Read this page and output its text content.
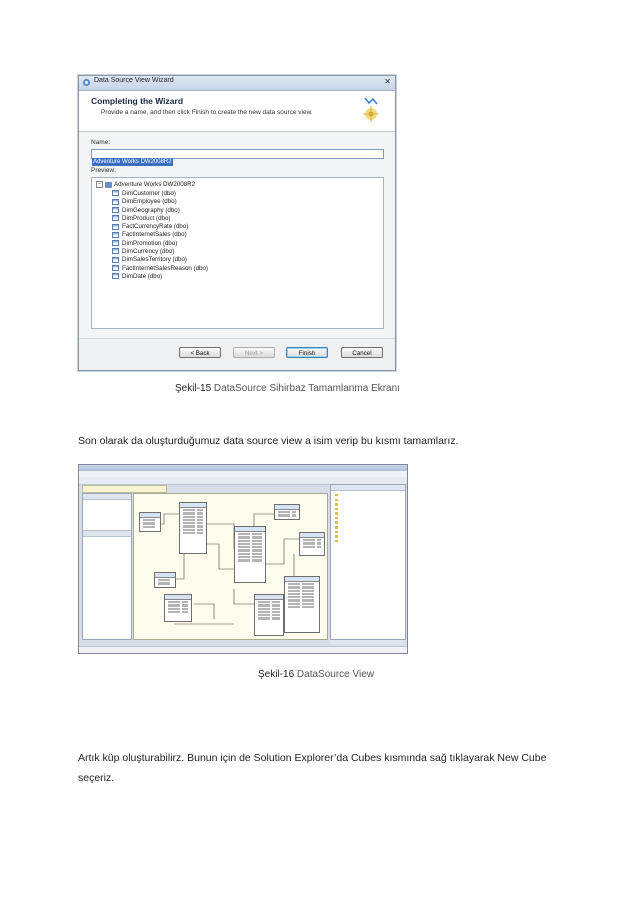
Data Source View Wizard	✕
Completing the Wizard
Provide a name, and then click Finish to create the new data source view.
Name:
Adventure Works DW2008R2
Preview:
− Adventure Works DW2008R2
DimCustomer (dbo)
DimEmployee (dbo)
DimGeography (dbo)
DimProduct (dbo)
FactCurrencyRate (dbo)
FactInternetSales (dbo)
DimPromotion (dbo)
DimCurrency (dbo)
DimSalesTerritory (dbo)
FactInternetSalesReason (dbo)
DimDate (dbo)
< Back	Next >	Finish	Cancel
Şekil-15 DataSource Sihirbaz Tamamlanma Ekranı
Son olarak da oluşturduğumuz data source view a isim verip bu kısmı tamamlarız.
Şekil-16 DataSource View
Artık küp oluşturabilirz. Bunun için de Solution Explorer’da Cubes kısmında sağ tıklayarak New Cube
seçeriz.
